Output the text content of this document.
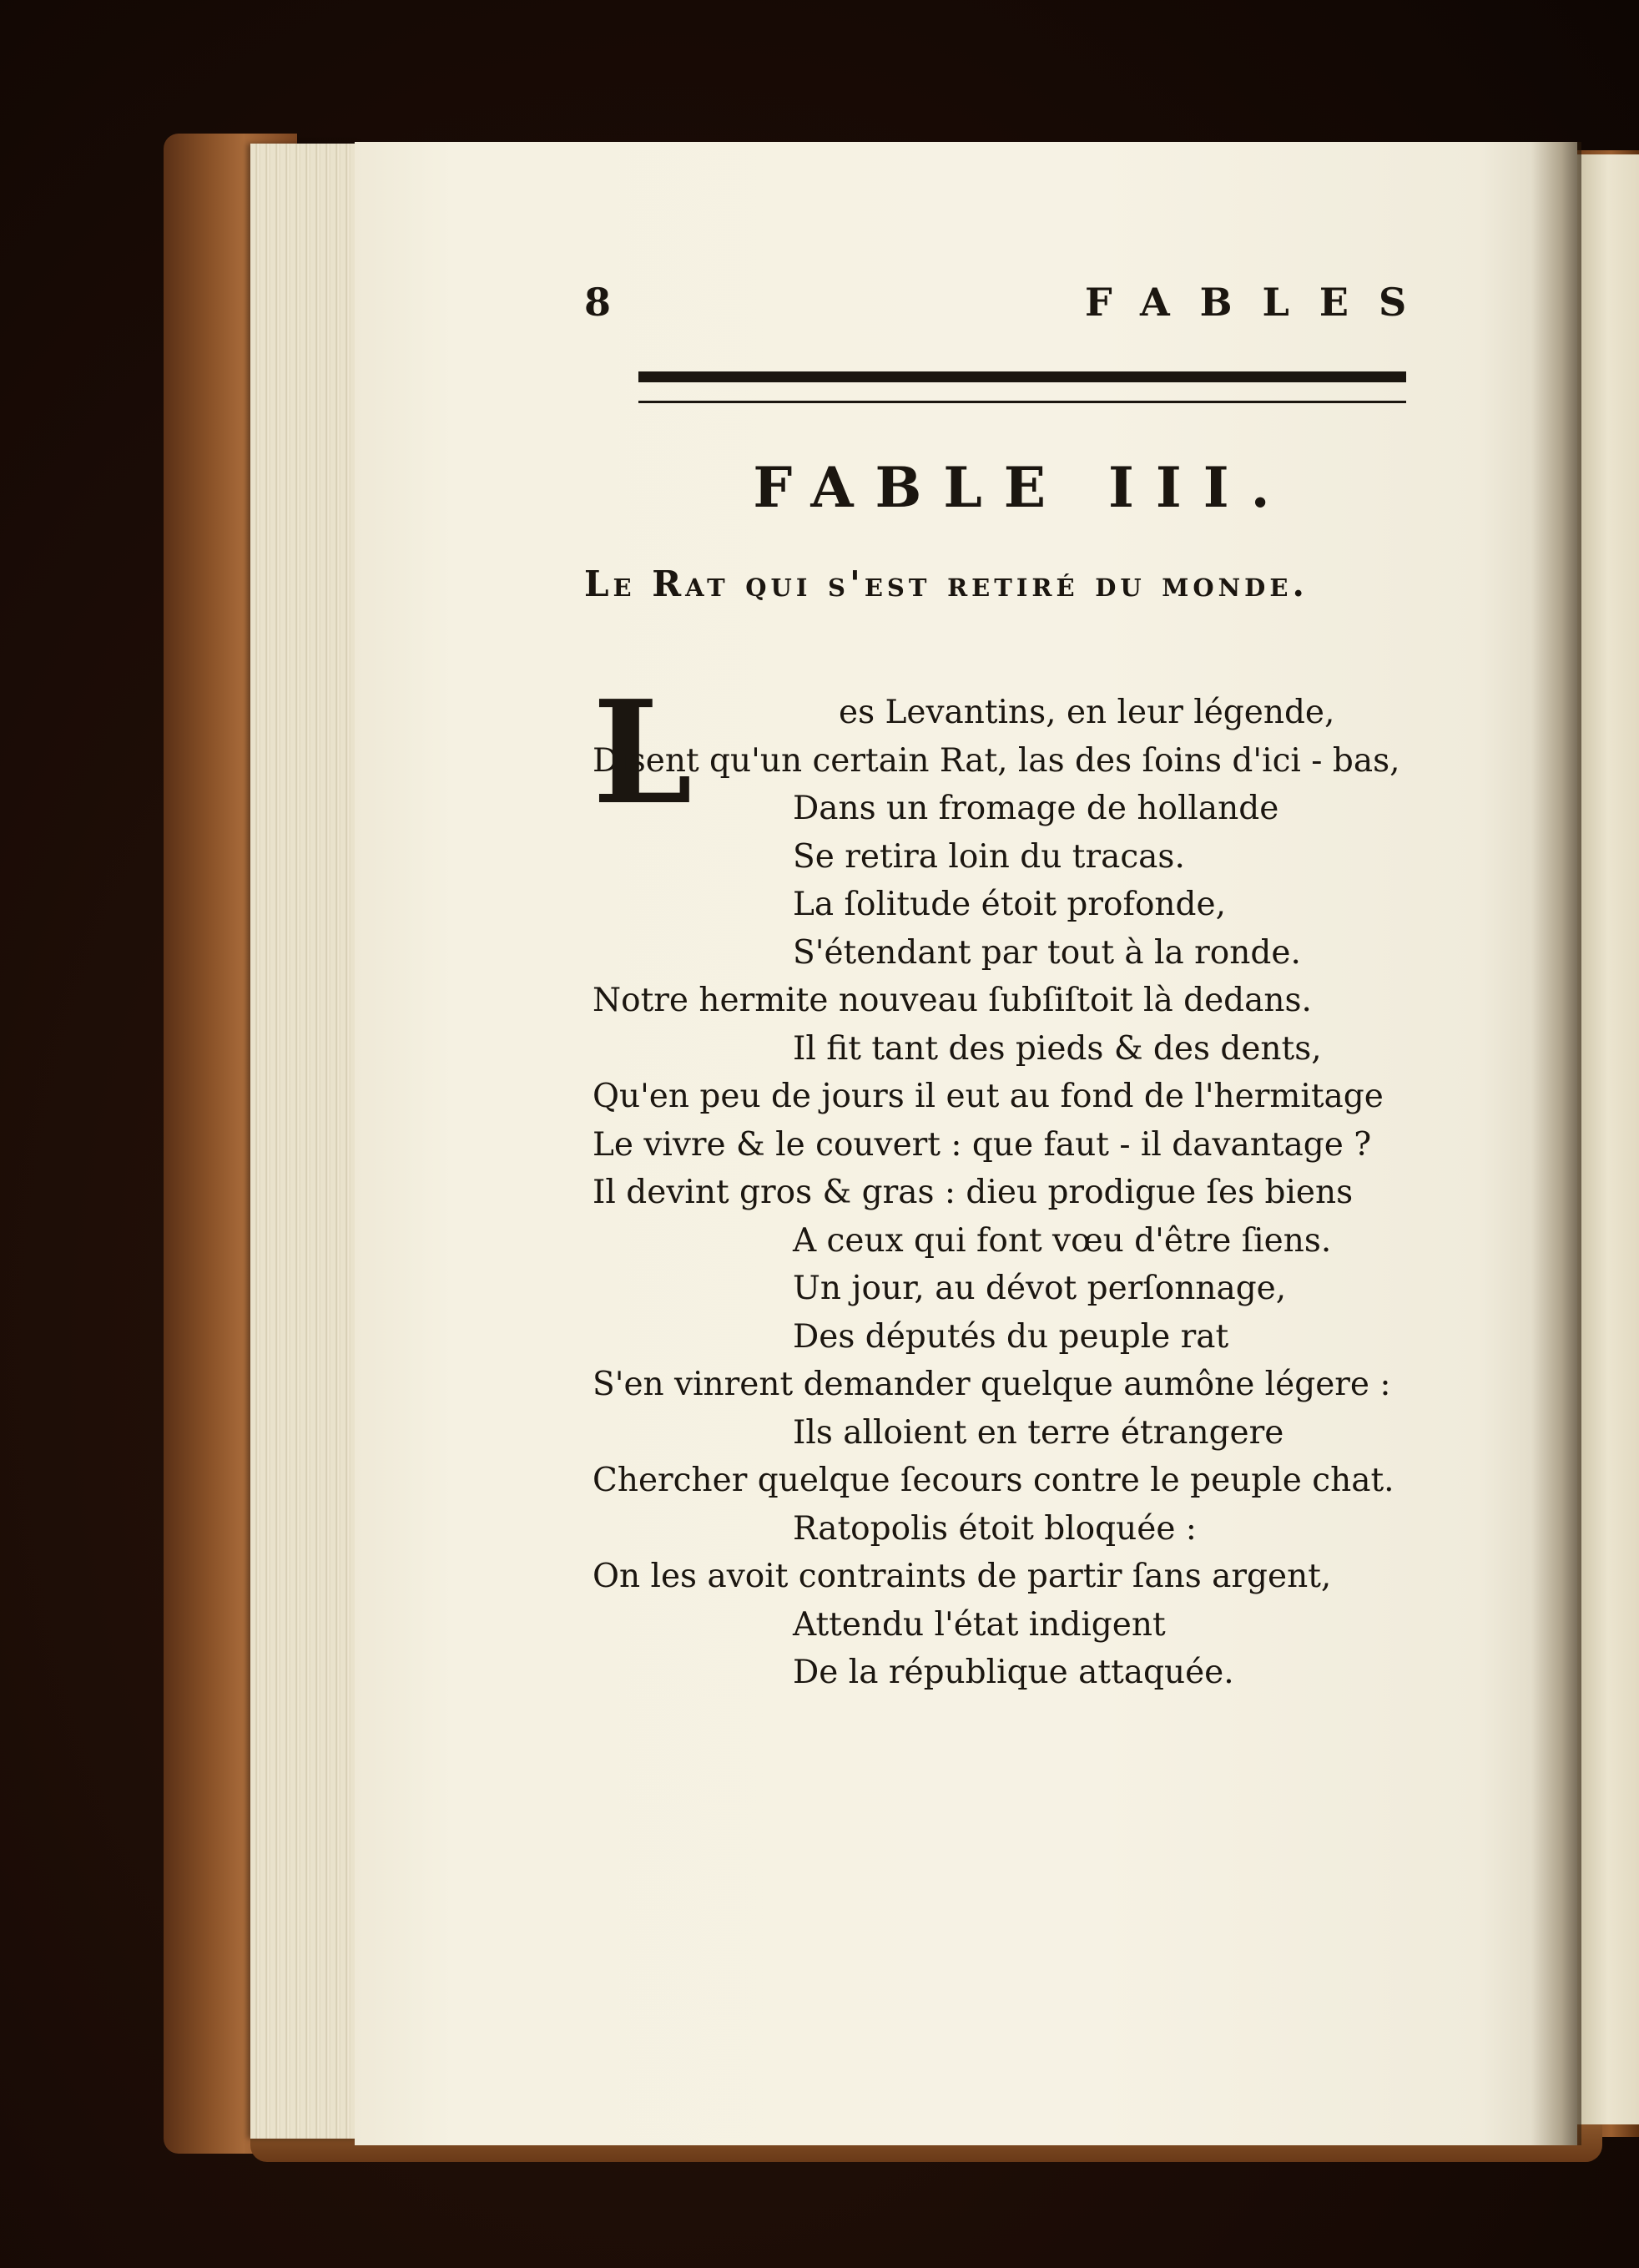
8	FABLES
FABLE III.
Le Rat qui s'est retiré du monde.
L	es Levantins, en leur légende,
Disent qu'un certain Rat, las des ſoins d'ici - bas,
Dans un fromage de hollande
Se retira loin du tracas.
La ſolitude étoit profonde,
S'étendant par tout à la ronde.
Notre hermite nouveau ſubſiſtoit là dedans.
Il fit tant des pieds & des dents,
Qu'en peu de jours il eut au fond de l'hermitage
Le vivre & le couvert : que faut - il davantage ?
Il devint gros & gras : dieu prodigue ſes biens
A ceux qui font vœu d'être ſiens.
Un jour, au dévot perſonnage,
Des députés du peuple rat
S'en vinrent demander quelque aumône légere :
Ils alloient en terre étrangere
Chercher quelque ſecours contre le peuple chat.
Ratopolis étoit bloquée :
On les avoit contraints de partir ſans argent,
Attendu l'état indigent
De la république attaquée.
